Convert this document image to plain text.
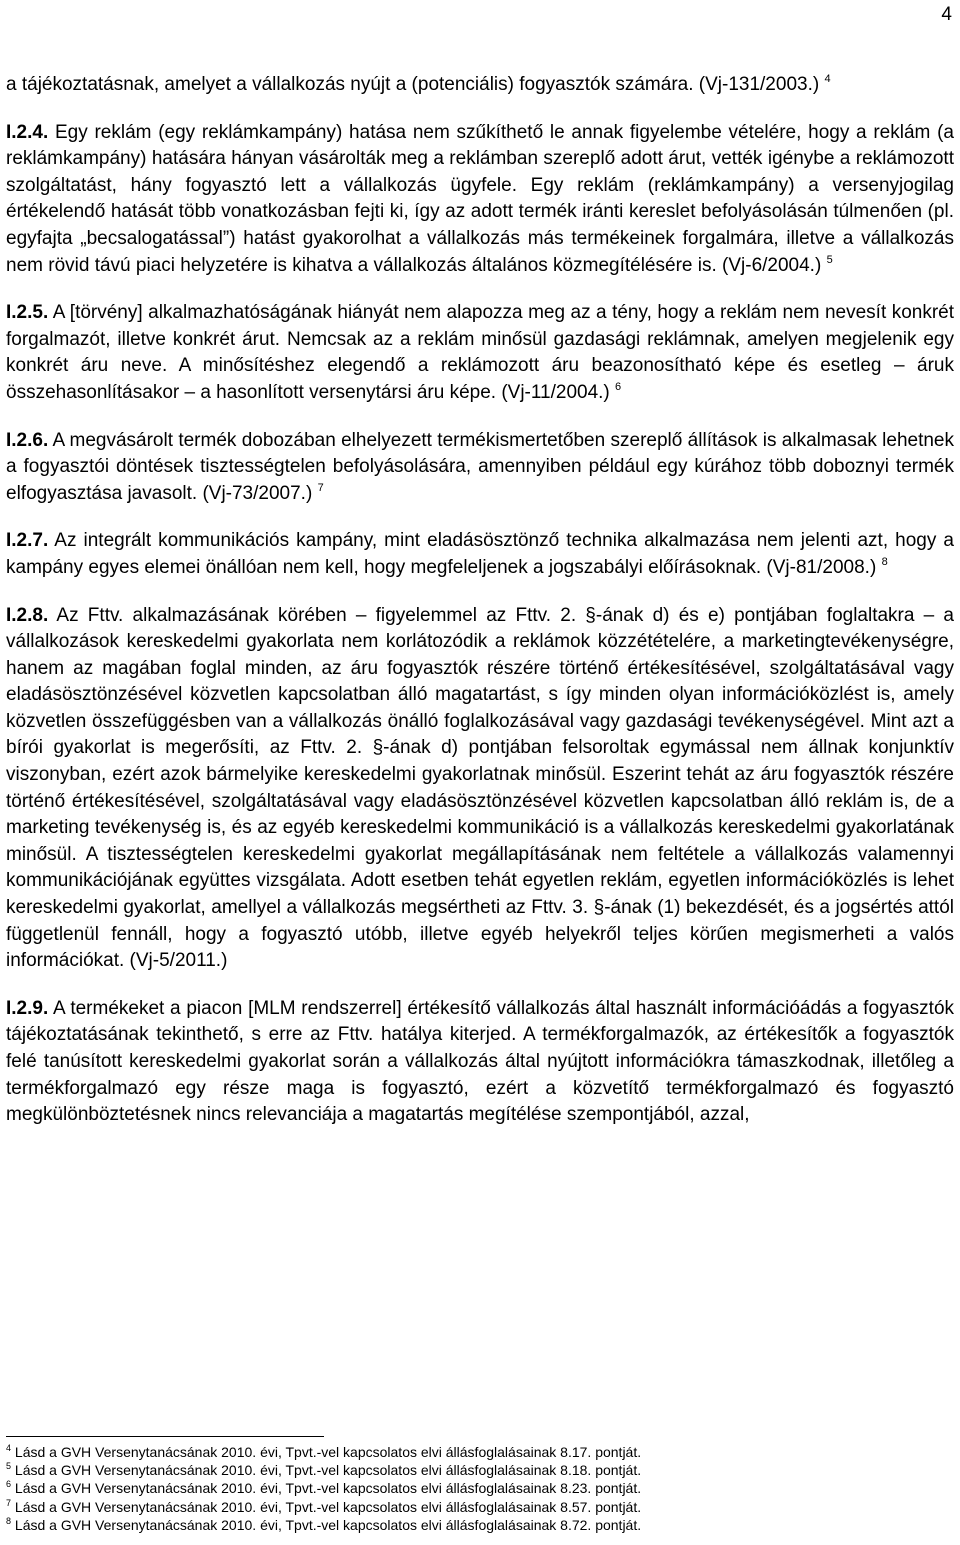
4

a tájékoztatásnak, amelyet a vállalkozás nyújt a (potenciális) fogyasztók számára. (Vj-131/2003.) $^4$

I.2.4. Egy reklám (egy reklámkampány) hatása nem szűkíthető le annak figyelembe vételére, hogy a reklám (a reklámkampány) hatására hányan vásárolták meg a reklámban szereplő adott árut, vették igénybe a reklámozott szolgáltatást, hány fogyasztó lett a vállalkozás ügyfele. Egy reklám (reklámkampány) a versenyjogilag értékelendő hatását több vonatkozásban fejti ki, így az adott termék iránti kereslet befolyásolásán túlmenően (pl. egyfajta „becsalogatással”) hatást gyakorolhat a vállalkozás más termékeinek forgalmára, illetve a vállalkozás nem rövid távú piaci helyzetére is kihatva a vállalkozás általános közmegítélésére is. (Vj-6/2004.) $^5$

I.2.5. A [törvény] alkalmazhatóságának hiányát nem alapozza meg az a tény, hogy a reklám nem nevesít konkrét forgalmazót, illetve konkrét árut. Nemcsak az a reklám minősül gazdasági reklámnak, amelyen megjelenik egy konkrét áru neve. A minősítéshez elegendő a reklámozott áru beazonosítható képe és esetleg – áruk összehasonlításakor – a hasonlított versenytársi áru képe. (Vj-11/2004.) $^6$

I.2.6. A megvásárolt termék dobozában elhelyezett termékismertetőben szereplő állítások is alkalmasak lehetnek a fogyasztói döntések tisztességtelen befolyásolására, amennyiben például egy kúrához több doboznyi termék elfogyasztása javasolt. (Vj-73/2007.) $^7$

I.2.7. Az integrált kommunikációs kampány, mint eladásösztönző technika alkalmazása nem jelenti azt, hogy a kampány egyes elemei önállóan nem kell, hogy megfeleljenek a jogszabályi előírásoknak. (Vj-81/2008.) $^8$

I.2.8. Az Fttv. alkalmazásának körében – figyelemmel az Fttv. 2. §-ának d) és e) pontjában foglaltakra – a vállalkozások kereskedelmi gyakorlata nem korlátozódik a reklámok közzétételére, a marketingtevékenységre, hanem az magában foglal minden, az áru fogyasztók részére történő értékesítésével, szolgáltatásával vagy eladásösztönzésével közvetlen kapcsolatban álló magatartást, s így minden olyan információközlést is, amely közvetlen összefüggésben van a vállalkozás önálló foglalkozásával vagy gazdasági tevékenységével. Mint azt a bírói gyakorlat is megerősíti, az Fttv. 2. §-ának d) pontjában felsoroltak egymással nem állnak konjunktív viszonyban, ezért azok bármelyike kereskedelmi gyakorlatnak minősül. Eszerint tehát az áru fogyasztók részére történő értékesítésével, szolgáltatásával vagy eladásösztönzésével közvetlen kapcsolatban álló reklám is, de a marketing tevékenység is, és az egyéb kereskedelmi kommunikáció is a vállalkozás kereskedelmi gyakorlatának minősül. A tisztességtelen kereskedelmi gyakorlat megállapításának nem feltétele a vállalkozás valamennyi kommunikációjának együttes vizsgálata. Adott esetben tehát egyetlen reklám, egyetlen információközlés is lehet kereskedelmi gyakorlat, amellyel a vállalkozás megsértheti az Fttv. 3. §-ának (1) bekezdését, és a jogsértés attól függetlenül fennáll, hogy a fogyasztó utóbb, illetve egyéb helyekről teljes körűen megismerheti a valós információkat. (Vj-5/2011.)

I.2.9. A termékeket a piacon [MLM rendszerrel] értékesítő vállalkozás által használt információádás a fogyasztók tájékoztatásának tekinthető, s erre az Fttv. hatálya kiterjed. A termékforgalmazók, az értékesítők a fogyasztók felé tanúsított kereskedelmi gyakorlat során a vállalkozás által nyújtott információkra támaszkodnak, illetőleg a termékforgalmazó egy része maga is fogyasztó, ezért a közvetítő termékforgalmazó és fogyasztó megkülönböztetésnek nincs relevanciája a magatartás megítélése szempontjából, azzal,

$^4$ Lásd a GVH Versenytanácsának 2010. évi, Tpvt.-vel kapcsolatos elvi állásfoglalásainak 8.17. pontját.

$^5$ Lásd a GVH Versenytanácsának 2010. évi, Tpvt.-vel kapcsolatos elvi állásfoglalásainak 8.18. pontját.

$^6$ Lásd a GVH Versenytanácsának 2010. évi, Tpvt.-vel kapcsolatos elvi állásfoglalásainak 8.23. pontját.

$^7$ Lásd a GVH Versenytanácsának 2010. évi, Tpvt.-vel kapcsolatos elvi állásfoglalásainak 8.57. pontját.

$^8$ Lásd a GVH Versenytanácsának 2010. évi, Tpvt.-vel kapcsolatos elvi állásfoglalásainak 8.72. pontját.
